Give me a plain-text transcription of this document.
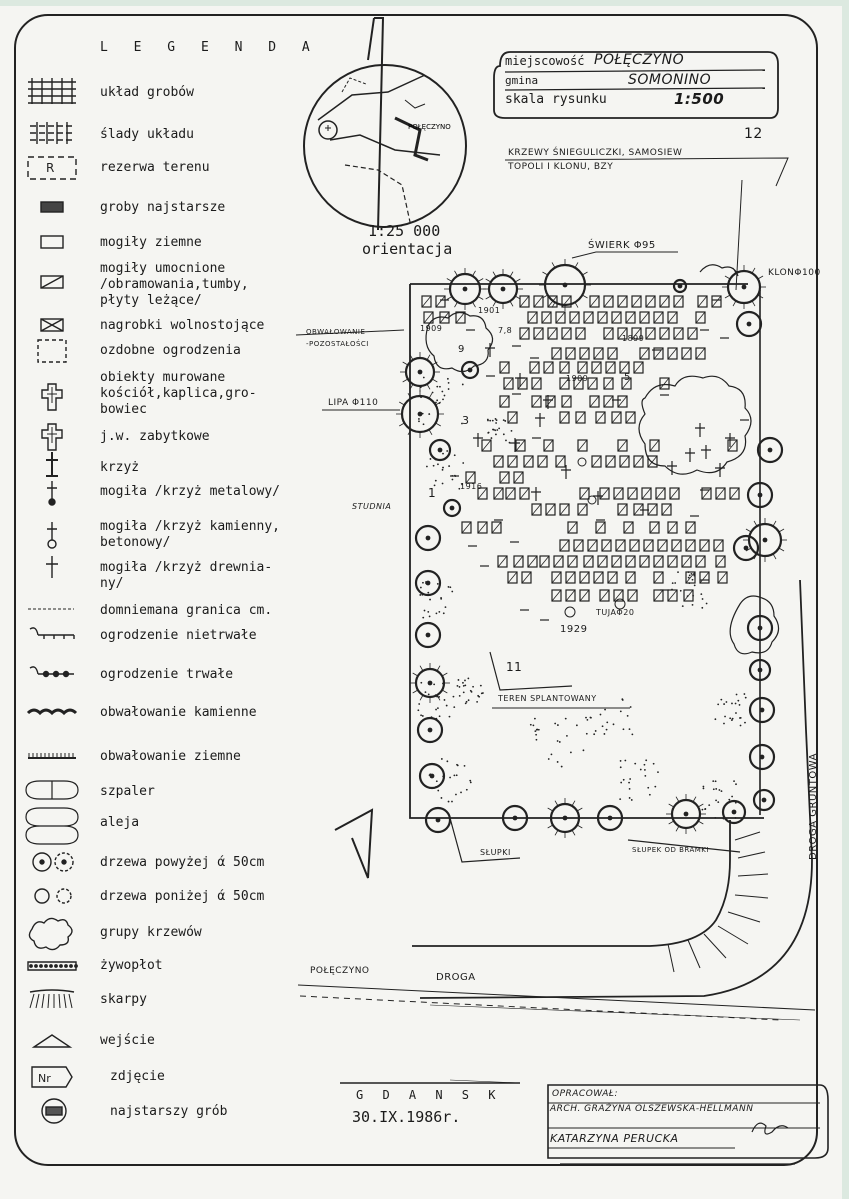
L E G E N D A
układ grobów
ślady układu
rezerwa terenu
groby najstarsze
mogiły ziemne
mogiły umocnione
/obramowania,tumby,
płyty leżące/
nagrobki wolnostojące
ozdobne ogrodzenia
obiekty murowane
kościół,kaplica,gro-
bowiec
j.w. zabytkowe
krzyż
mogiła /krzyż metalowy/
mogiła /krzyż kamienny,
betonowy/
mogiła /krzyż drewnia-
ny/
domniemana granica cm.
ogrodzenie nietrwałe
ogrodzenie trwałe
obwałowanie kamienne
obwałowanie ziemne
szpaler
aleja
drzewa powyżej ά 50cm
drzewa poniżej ά 50cm
grupy krzewów
żywopłot
skarpy
wejście
zdjęcie
najstarszy grób
POŁĘCZYNO
R
Nr
miejscowość POŁĘCZYNO
gmina	SOMONINO
skala rysunku	1:500
12
1:25 000
orientacja
KRZEWY ŚNIEGULICZKI, SAMOSIEW
TOPOLI I KLONU, BZY
ŚWIERK Φ95
KLONΦ100
OBWAŁOWANIE
-POZOSTAŁOŚCI
LIPA Φ110
STUDNIA
TUJAΦ20
TEREN SPLANTOWANY
SŁUPKI	SŁUPEK OD BRAMKI	DROGA GRUNTOWA
DROGA
POŁĘCZYNO
1909
1901
7,8
1899
9
1909
3
1916
1929
11
5
1
G D A N S K
30.IX.1986r.
OPRACOWAŁ:
ARCH. GRAŻYNA OLSZEWSKA-HELLMANN
KATARZYNA PERUCKA
